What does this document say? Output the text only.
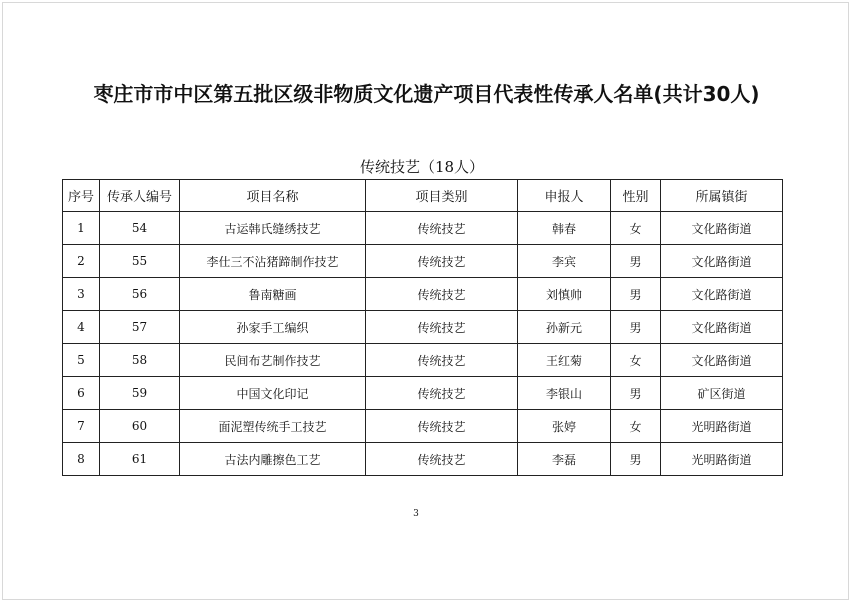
枣庄市市中区第五批区级非物质文化遗产项目代表性传承人名单(共计30人)
传统技艺（18人）
序号	传承人编号	项目名称	项目类别	申报人	性别	所属镇街
1	54	古运韩氏缝绣技艺	传统技艺	韩春	女	文化路街道
2	55	李仕三不沾猪蹄制作技艺	传统技艺	李宾	男	文化路街道
3	56	鲁南糖画	传统技艺	刘慎帅	男	文化路街道
4	57	孙家手工编织	传统技艺	孙新元	男	文化路街道
5	58	民间布艺制作技艺	传统技艺	王红菊	女	文化路街道
6	59	中国文化印记	传统技艺	李银山	男	矿区街道
7	60	面泥塑传统手工技艺	传统技艺	张婷	女	光明路街道
8	61	古法内雕擦色工艺	传统技艺	李磊	男	光明路街道
3
